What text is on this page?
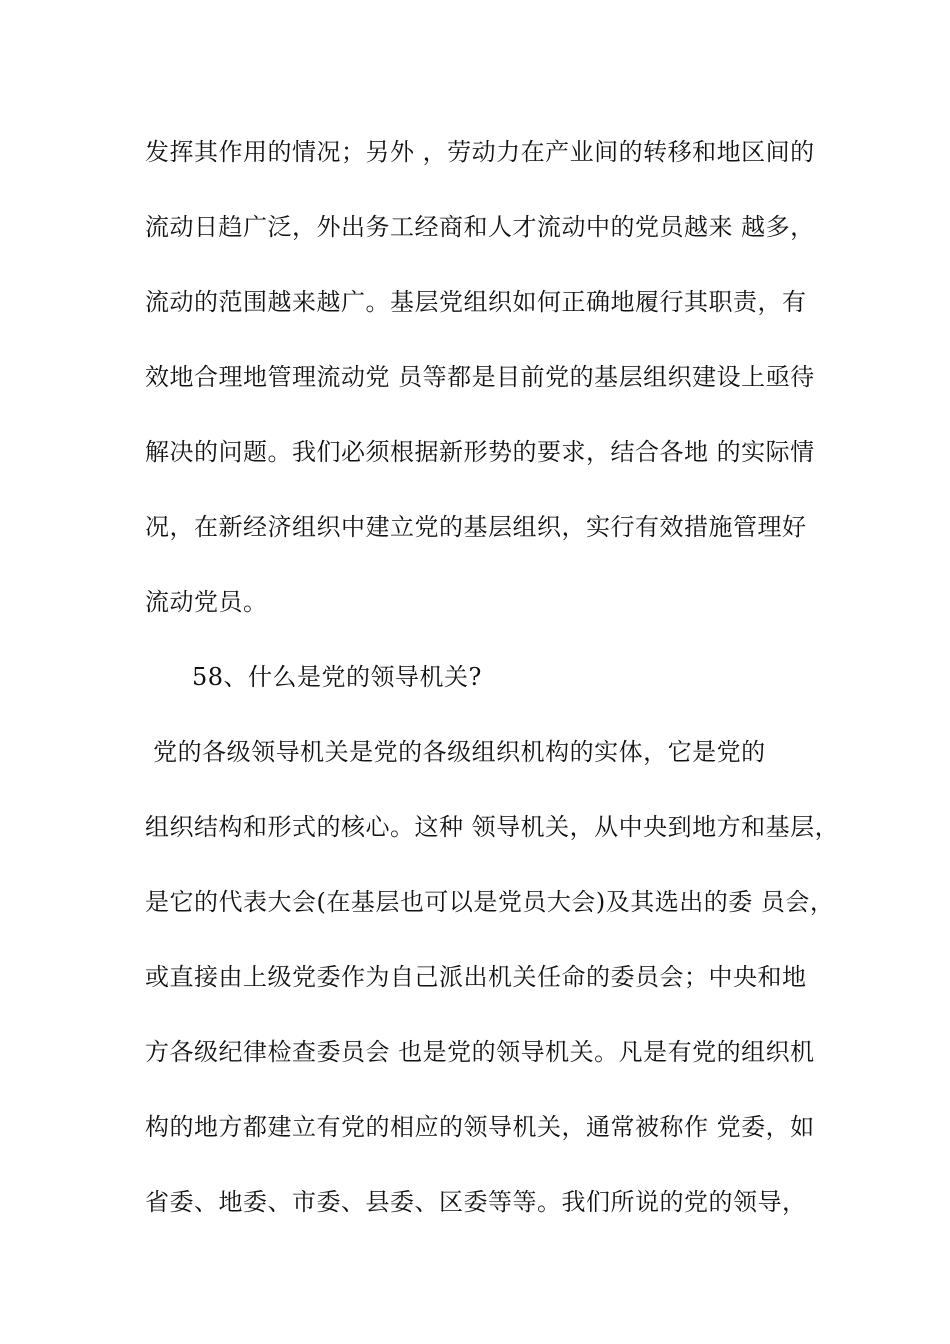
发挥其作用的情况；另外 ，劳动力在产业间的转移和地区间的
流动日趋广泛，外出务工经商和人才流动中的党员越来 越多，
流动的范围越来越广。基层党组织如何正确地履行其职责，有
效地合理地管理流动党 员等都是目前党的基层组织建设上亟待
解决的问题。我们必须根据新形势的要求，结合各地 的实际情
况，在新经济组织中建立党的基层组织，实行有效措施管理好
流动党员。
58、什么是党的领导机关?
党的各级领导机关是党的各级组织机构的实体，它是党的
组织结构和形式的核心。这种 领导机关，从中央到地方和基层，
是它的代表大会(在基层也可以是党员大会)及其选出的委 员会，
或直接由上级党委作为自己派出机关任命的委员会；中央和地
方各级纪律检查委员会 也是党的领导机关。凡是有党的组织机
构的地方都建立有党的相应的领导机关，通常被称作 党委，如
省委、地委、市委、县委、区委等等。我们所说的党的领导，
